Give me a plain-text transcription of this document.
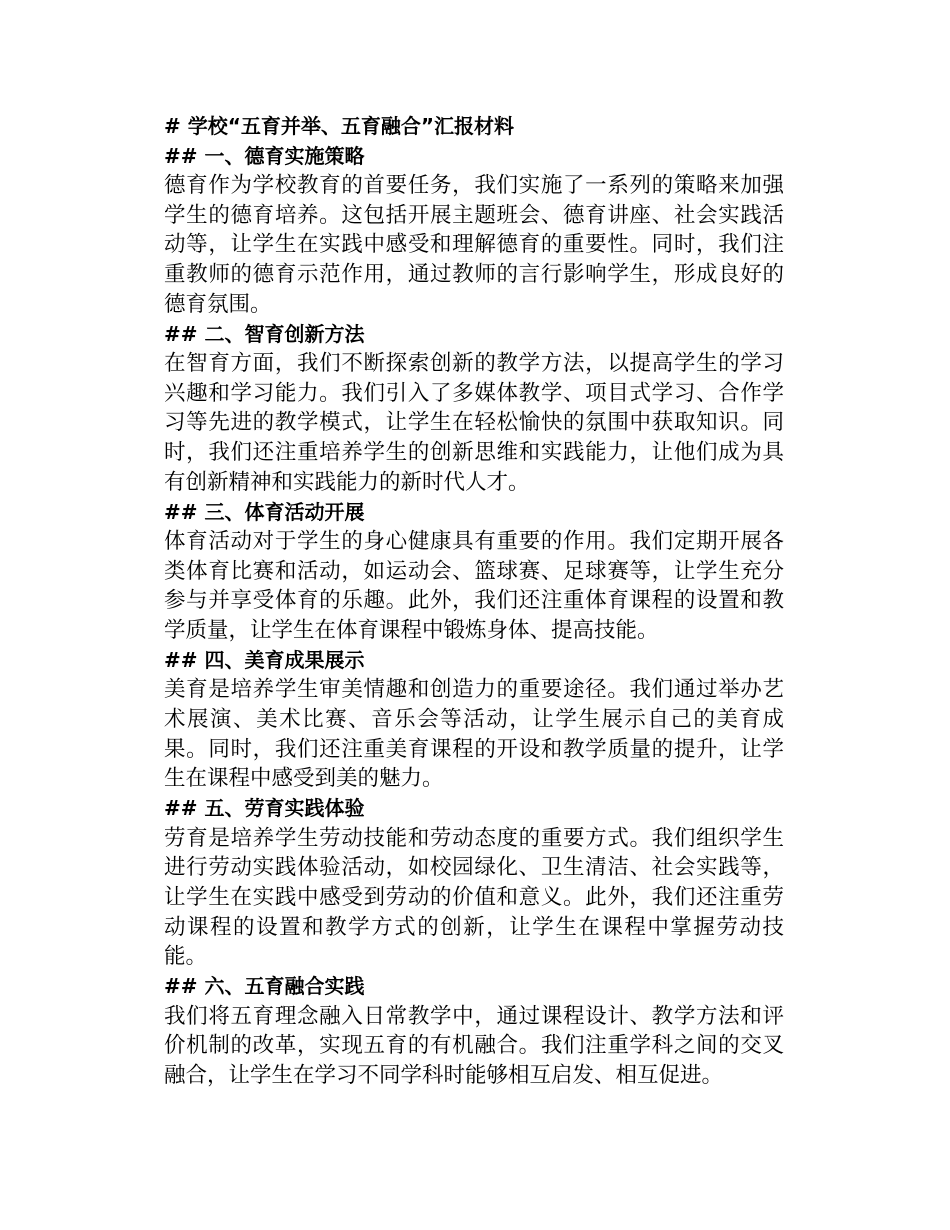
# 学校“五育并举、五育融合”汇报材料
## 一、德育实施策略

德育作为学校教育的首要任务，我们实施了一系列的策略来加强学生的德育培养。这包括开展主题班会、德育讲座、社会实践活动等，让学生在实践中感受和理解德育的重要性。同时，我们注重教师的德育示范作用，通过教师的言行影响学生，形成良好的德育氛围。

## 二、智育创新方法

在智育方面，我们不断探索创新的教学方法，以提高学生的学习兴趣和学习能力。我们引入了多媒体教学、项目式学习、合作学习等先进的教学模式，让学生在轻松愉快的氛围中获取知识。同时，我们还注重培养学生的创新思维和实践能力，让他们成为具有创新精神和实践能力的新时代人才。

## 三、体育活动开展

体育活动对于学生的身心健康具有重要的作用。我们定期开展各类体育比赛和活动，如运动会、篮球赛、足球赛等，让学生充分参与并享受体育的乐趣。此外，我们还注重体育课程的设置和教学质量，让学生在体育课程中锻炼身体、提高技能。

## 四、美育成果展示

美育是培养学生审美情趣和创造力的重要途径。我们通过举办艺术展演、美术比赛、音乐会等活动，让学生展示自己的美育成果。同时，我们还注重美育课程的开设和教学质量的提升，让学生在课程中感受到美的魅力。

## 五、劳育实践体验

劳育是培养学生劳动技能和劳动态度的重要方式。我们组织学生进行劳动实践体验活动，如校园绿化、卫生清洁、社会实践等，让学生在实践中感受到劳动的价值和意义。此外，我们还注重劳动课程的设置和教学方式的创新，让学生在课程中掌握劳动技能。

## 六、五育融合实践

我们将五育理念融入日常教学中，通过课程设计、教学方法和评价机制的改革，实现五育的有机融合。我们注重学科之间的交叉融合，让学生在学习不同学科时能够相互启发、相互促进。
